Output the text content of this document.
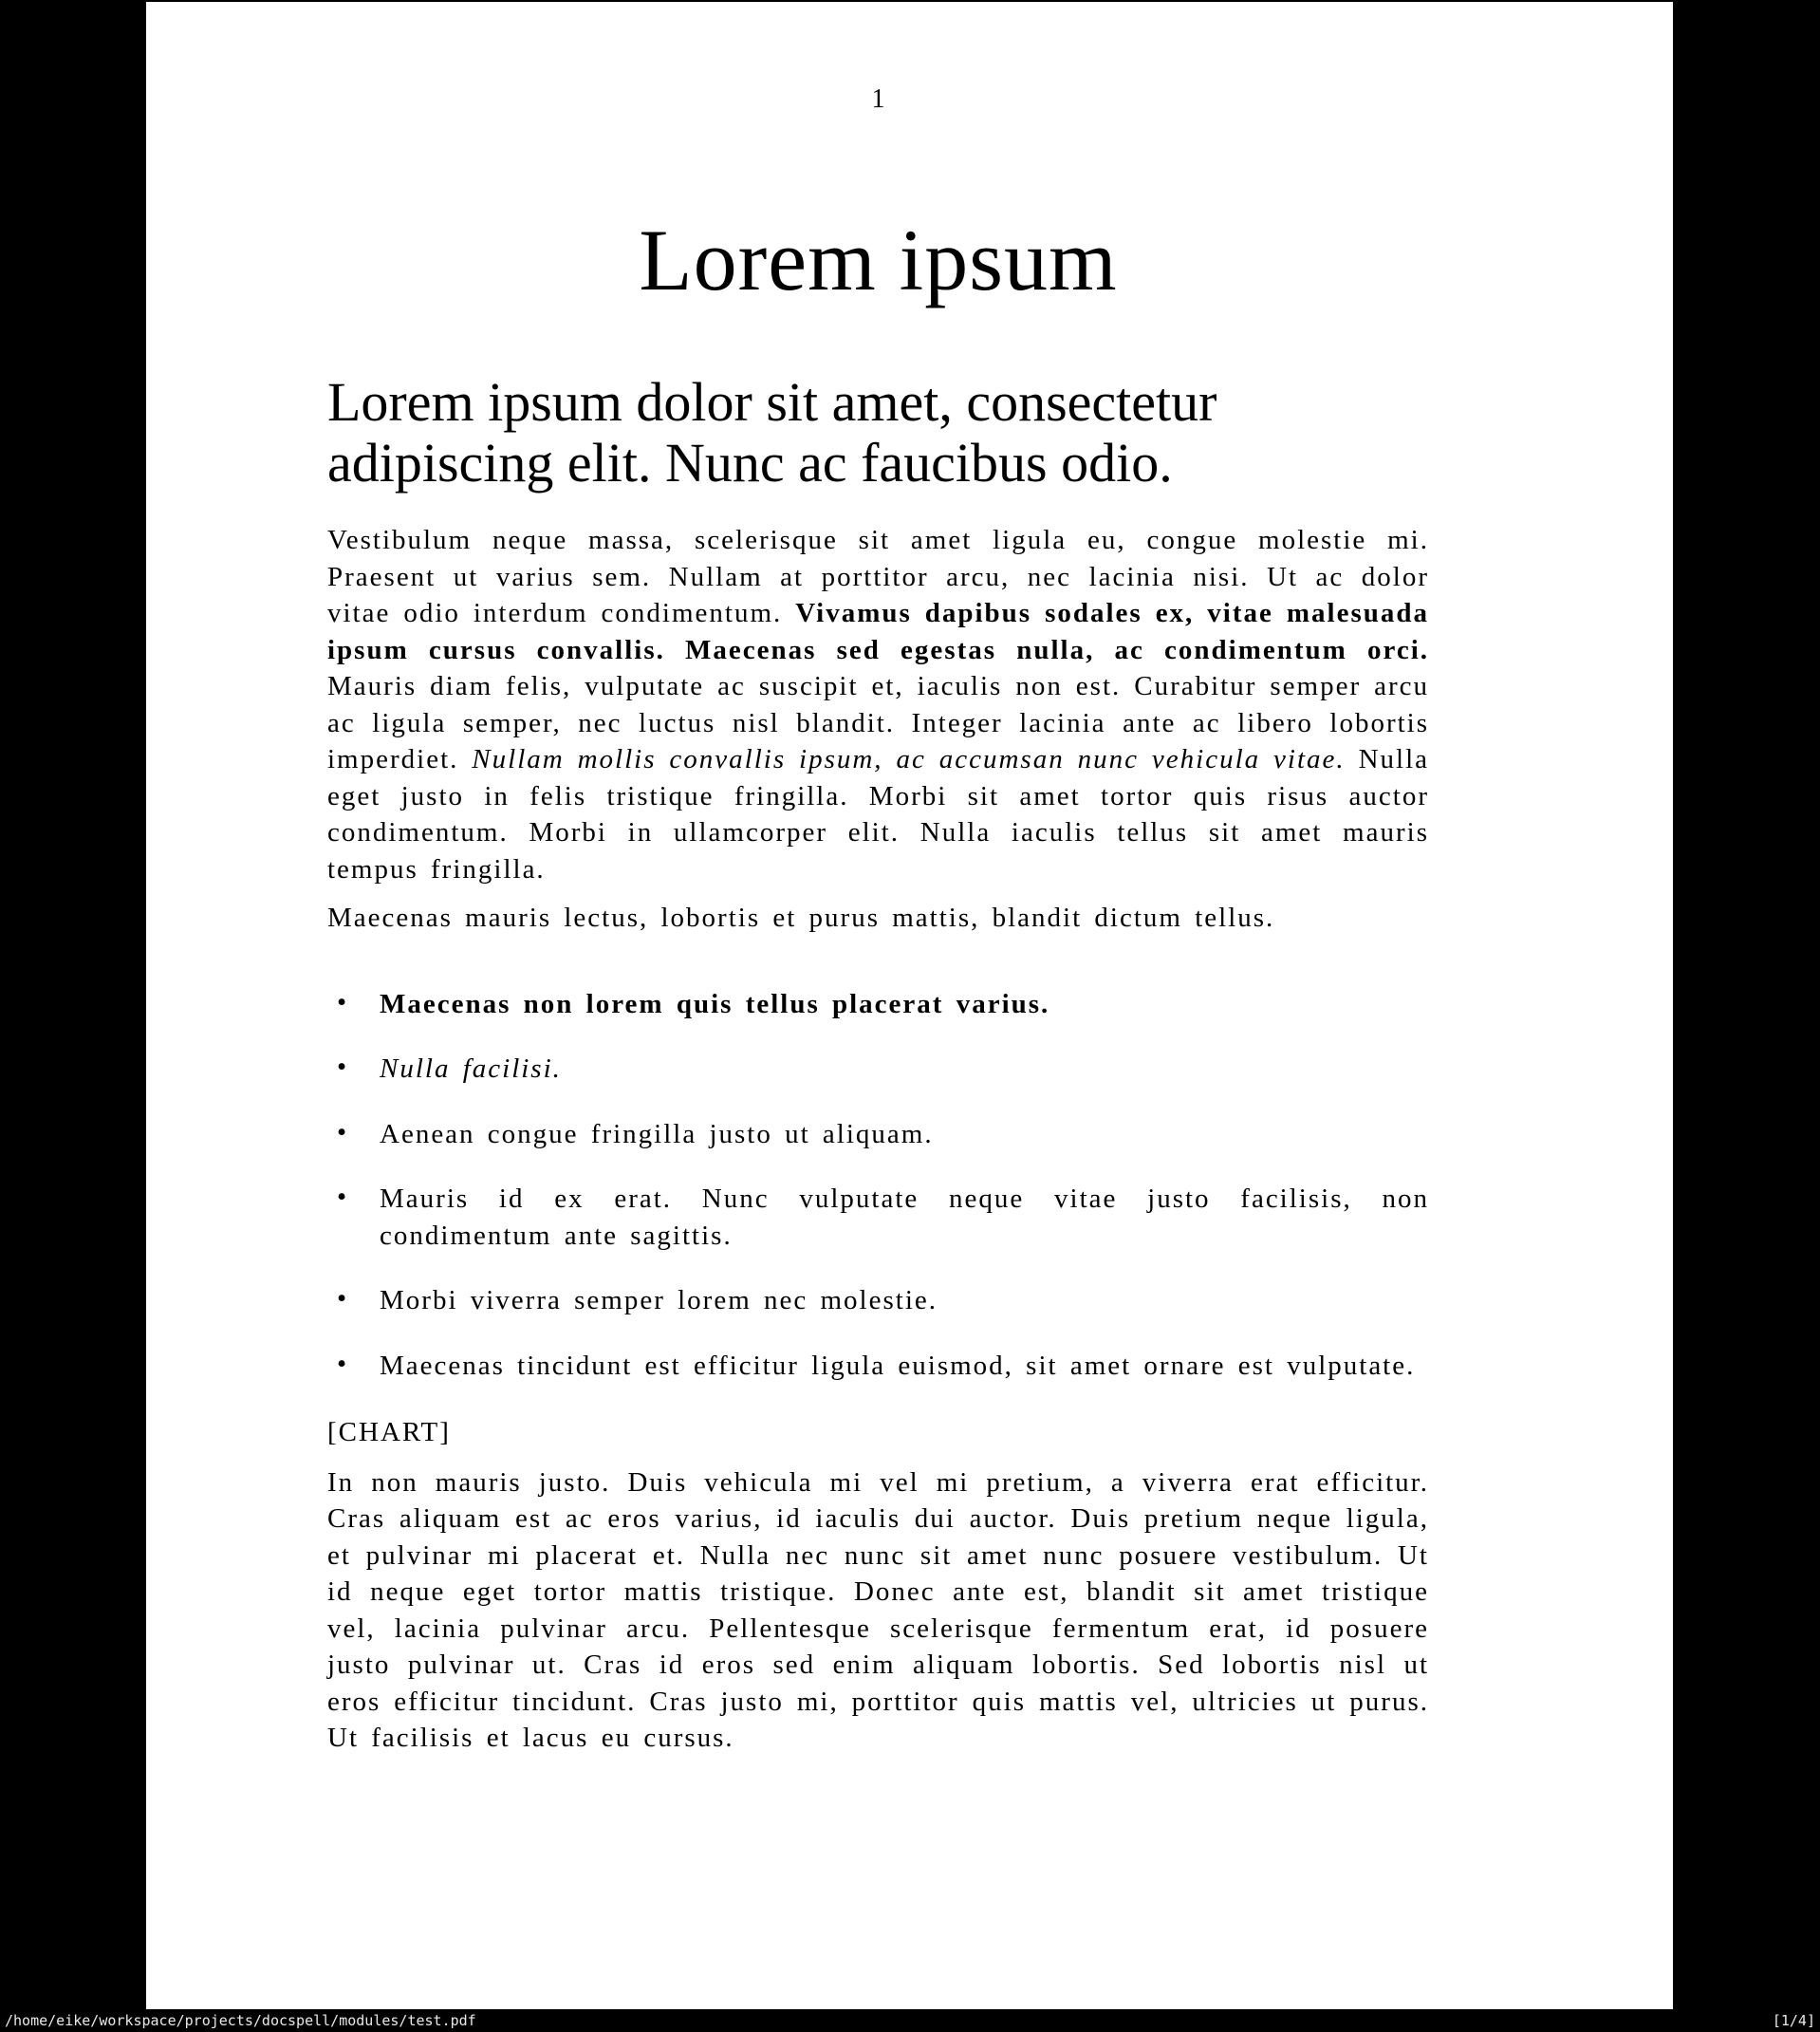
1
Lorem ipsum
Lorem ipsum dolor sit amet, consectetur adipiscing elit. Nunc ac faucibus odio.

Vestibulum neque massa, scelerisque sit amet ligula eu, congue molestie mi. Praesent ut varius sem. Nullam at porttitor arcu, nec lacinia nisi. Ut ac dolor vitae odio interdum condimentum. Vivamus dapibus sodales ex, vitae malesuada ipsum cursus convallis. Maecenas sed egestas nulla, ac condimentum orci. Mauris diam felis, vulputate ac suscipit et, iaculis non est. Curabitur semper arcu ac ligula semper, nec luctus nisl blandit. Integer lacinia ante ac libero lobortis imperdiet. Nullam mollis convallis ipsum, ac accumsan nunc vehicula vitae. Nulla eget justo in felis tristique fringilla. Morbi sit amet tortor quis risus auctor condimentum. Morbi in ullamcorper elit. Nulla iaculis tellus sit amet mauris tempus fringilla.

Maecenas mauris lectus, lobortis et purus mattis, blandit dictum tellus.

• Maecenas non lorem quis tellus placerat varius.
• Nulla facilisi.
• Aenean congue fringilla justo ut aliquam.
• Mauris id ex erat. Nunc vulputate neque vitae justo facilisis, non condimentum ante sagittis.
• Morbi viverra semper lorem nec molestie.
• Maecenas tincidunt est efficitur ligula euismod, sit amet ornare est vulputate.

[CHART]

In non mauris justo. Duis vehicula mi vel mi pretium, a viverra erat efficitur. Cras aliquam est ac eros varius, id iaculis dui auctor. Duis pretium neque ligula, et pulvinar mi placerat et. Nulla nec nunc sit amet nunc posuere vestibulum. Ut id neque eget tortor mattis tristique. Donec ante est, blandit sit amet tristique vel, lacinia pulvinar arcu. Pellentesque scelerisque fermentum erat, id posuere justo pulvinar ut. Cras id eros sed enim aliquam lobortis. Sed lobortis nisl ut eros efficitur tincidunt. Cras justo mi, porttitor quis mattis vel, ultricies ut purus. Ut facilisis et lacus eu cursus.

/home/eike/workspace/projects/docspell/modules/test.pdf	[1/4]
